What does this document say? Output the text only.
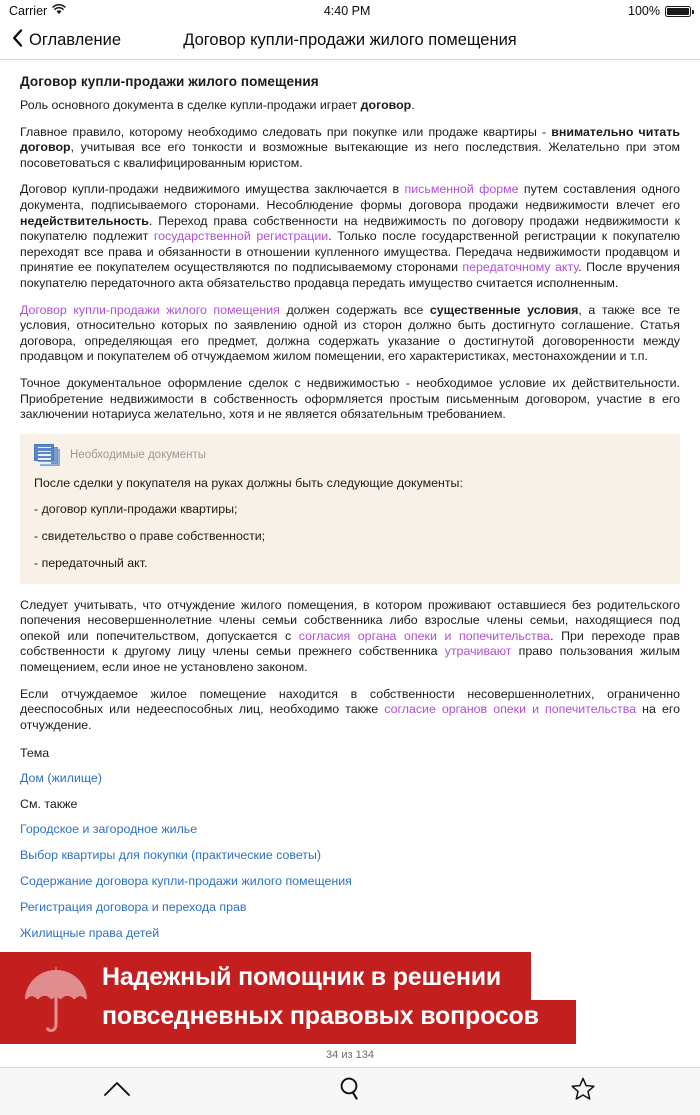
Carrier	4:40 PM	100%
Оглавление	Договор купли-продажи жилого помещения
Договор купли-продажи жилого помещения

Роль основного документа в сделке купли-продажи играет договор.

Главное правило, которому необходимо следовать при покупке или продаже квартиры - внимательно читать договор, учитывая все его тонкости и возможные вытекающие из него последствия. Желательно при этом посоветоваться с квалифицированным юристом.

Договор купли-продажи недвижимого имущества заключается в письменной форме путем составления одного документа, подписываемого сторонами. Несоблюдение формы договора продажи недвижимости влечет его недействительность. Переход права собственности на недвижимость по договору продажи недвижимости к покупателю подлежит государственной регистрации. Только после государственной регистрации к покупателю переходят все права и обязанности в отношении купленного имущества. Передача недвижимости продавцом и принятие ее покупателем осуществляются по подписываемому сторонами передаточному акту. После вручения покупателю передаточного акта обязательство продавца передать имущество считается исполненным.

Договор купли-продажи жилого помещения должен содержать все существенные условия, а также все те условия, относительно которых по заявлению одной из сторон должно быть достигнуто соглашение. Статья договора, определяющая его предмет, должна содержать указание о достигнутой договоренности между продавцом и покупателем об отчуждаемом жилом помещении, его характеристиках, местонахождении и т.п.

Точное документальное оформление сделок с недвижимостью - необходимое условие их действительности. Приобретение недвижимости в собственность оформляется простым письменным договором, участие в его заключении нотариуса желательно, хотя и не является обязательным требованием.

Необходимые документы
После сделки у покупателя на руках должны быть следующие документы:
- договор купли-продажи квартиры;
- свидетельство о праве собственности;
- передаточный акт.

Следует учитывать, что отчуждение жилого помещения, в котором проживают оставшиеся без родительского попечения несовершеннолетние члены семьи собственника либо взрослые члены семьи, находящиеся под опекой или попечительством, допускается с согласия органа опеки и попечительства. При переходе прав собственности к другому лицу члены семьи прежнего собственника утрачивают право пользования жилым помещением, если иное не установлено законом.

Если отчуждаемое жилое помещение находится в собственности несовершеннолетних, ограниченно дееспособных или недееспособных лиц, необходимо также согласие органов опеки и попечительства на его отчуждение.

Тема
Дом (жилище)
См. также
Городское и загородное жилье
Выбор квартиры для покупки (практические советы)
Содержание договора купли-продажи жилого помещения
Регистрация договора и перехода прав
Жилищные права детей
Надежный помощник в решении
повседневных правовых вопросов
34 из 134
